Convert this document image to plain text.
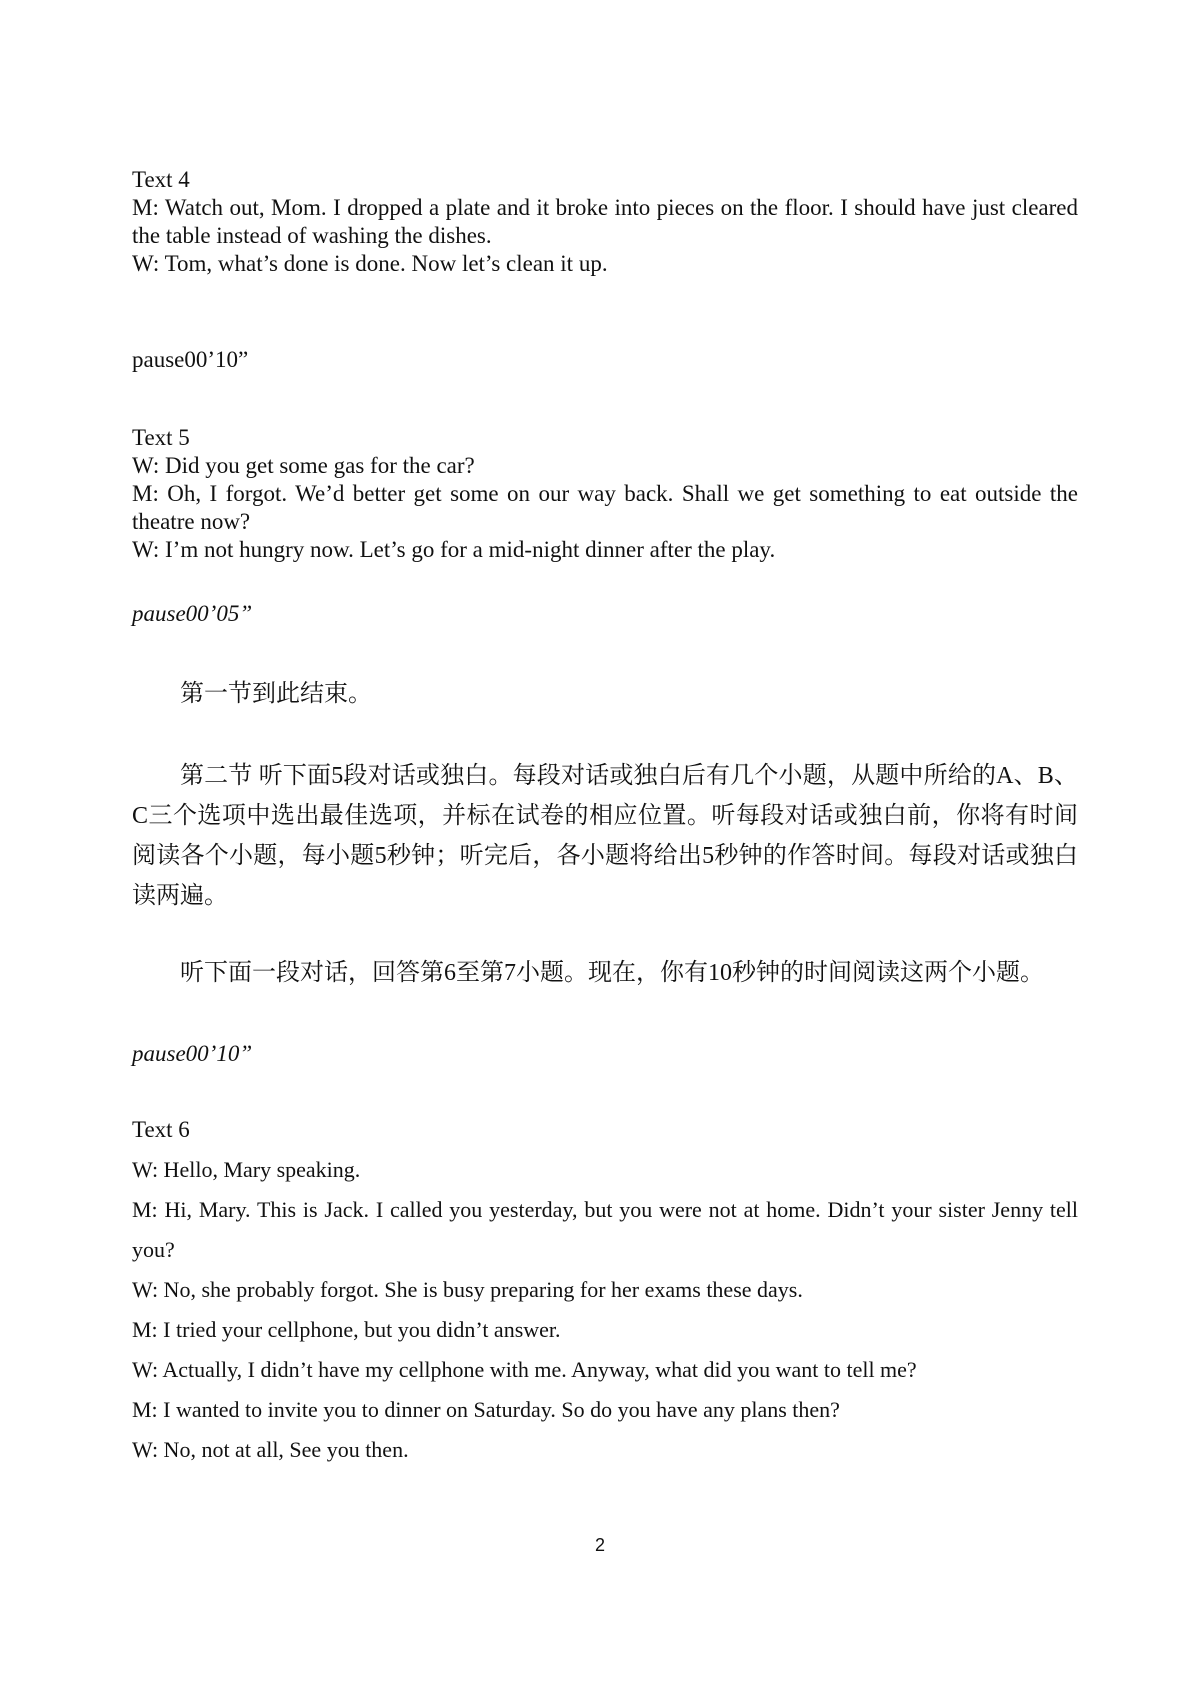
Text 4

M: Watch out, Mom. I dropped a plate and it broke into pieces on the floor. I should have just cleared the table instead of washing the dishes.

W: Tom, what’s done is done. Now let’s clean it up.

pause00’10”

Text 5

W: Did you get some gas for the car?

M: Oh, I forgot. We’d better get some on our way back. Shall we get something to eat outside the theatre now?

W: I’m not hungry now. Let’s go for a mid-night dinner after the play.

pause00’05”

第一节到此结束。

第二节 听下面5段对话或独白。每段对话或独白后有几个小题，从题中所给的A、B、C三个选项中选出最佳选项，并标在试卷的相应位置。听每段对话或独白前，你将有时间阅读各个小题，每小题5秒钟；听完后，各小题将给出5秒钟的作答时间。每段对话或独白读两遍。

听下面一段对话，回答第6至第7小题。现在，你有10秒钟的时间阅读这两个小题。

pause00’10”

Text 6

W: Hello, Mary speaking.

M: Hi, Mary. This is Jack. I called you yesterday, but you were not at home. Didn’t your sister Jenny tell you?

W: No, she probably forgot. She is busy preparing for her exams these days.

M: I tried your cellphone, but you didn’t answer.

W: Actually, I didn’t have my cellphone with me. Anyway, what did you want to tell me?

M: I wanted to invite you to dinner on Saturday. So do you have any plans then?

W: No, not at all, See you then.

2
